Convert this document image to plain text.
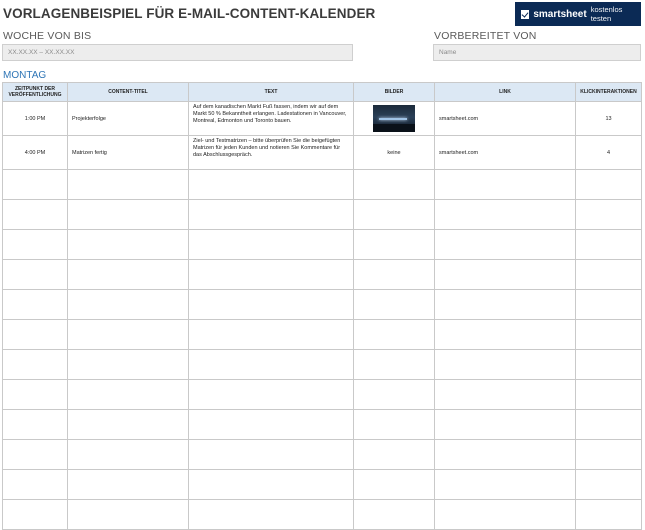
VORLAGENBEISPIEL FÜR E-MAIL-CONTENT-KALENDER	smartsheet kostenlos testen
WOCHE VON BIS
XX.XX.XX – XX.XX.XX
VORBEREITET VON
Name
MONTAG
ZEITPUNKT DER VERÖFFENTLICHUNG	CONTENT-TITEL	TEXT	BILDER	LINK	KLICKINTERAKTIONEN
1:00 PM	Projekterfolge	Auf dem kanadischen Markt Fuß fassen, indem wir auf dem Markt 50 % Bekanntheit erlangen. Ladestationen in Vancouver, Montreal, Edmonton und Toronto bauen.		smartsheet.com	13
4:00 PM	Matrizen fertig	Ziel- und Testmatrizen – bitte überprüfen Sie die beigefügten Matrizen für jeden Kunden und notieren Sie Kommentare für das Abschlussgespräch.	keine	smartsheet.com	4
